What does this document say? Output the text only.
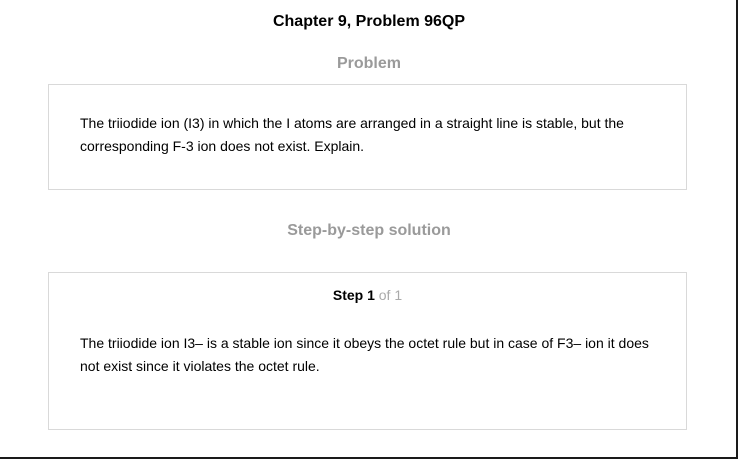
Chapter 9, Problem 96QP
Problem
The triiodide ion (I3) in which the I atoms are arranged in a straight line is stable, but the corresponding F-3 ion does not exist. Explain.
Step-by-step solution
Step 1 of 1
The triiodide ion I3– is a stable ion since it obeys the octet rule but in case of F3– ion it does not exist since it violates the octet rule.
